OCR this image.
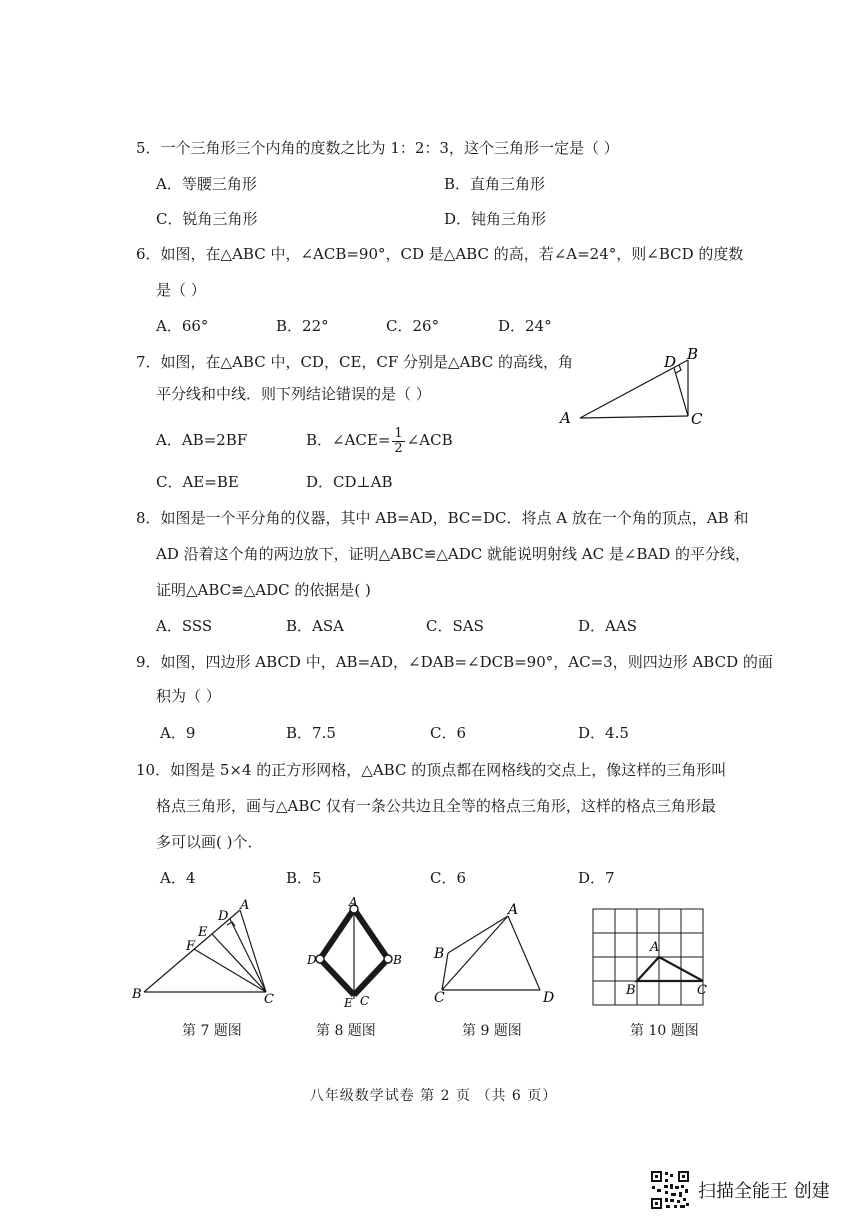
5．一个三角形三个内角的度数之比为 1：2：3，这个三角形一定是（ ）
A．等腰三角形	B．直角三角形
C．锐角三角形	D．钝角三角形
6．如图，在△ABC 中，∠ACB=90°，CD 是△ABC 的高，若∠A=24°，则∠BCD 的度数
是（ ）
A．66°	B．22°	C．26°	D．24°
A
B
C
D
7．如图，在△ABC 中，CD，CE，CF 分别是△ABC 的高线，角
平分线和中线．则下列结论错误的是（ ）
A．AB=2BF	B．∠ACE= $\frac{1}{2}$ ∠ACB
C．AE=BE	D．CD⊥AB
8．如图是一个平分角的仪器，其中 AB=AD，BC=DC．将点 A 放在一个角的顶点，AB 和
AD 沿着这个角的两边放下，证明△ABC≌△ADC 就能说明射线 AC 是∠BAD 的平分线，
证明△ABC≌△ADC 的依据是( )
A．SSS	B．ASA	C．SAS	D．AAS
9．如图，四边形 ABCD 中，AB=AD，∠DAB=∠DCB=90°，AC=3，则四边形 ABCD 的面
积为（ ）
A．9	B．7.5	C．6	D．4.5
10．如图是 5×4 的正方形网格，△ABC 的顶点都在网格线的交点上，像这样的三角形叫
格点三角形，画与△ABC 仅有一条公共边且全等的格点三角形，这样的格点三角形最
多可以画( )个．
A．4	B．5	C．6	D．7
A
B	C
D
E
F
第 7 题图
A
B
C
D
E
第 8 题图
A
B
C	D
第 9 题图
A
B	C
第 10 题图
八年级数学试卷 第 2 页 （共 6 页）
扫描全能王 创建
